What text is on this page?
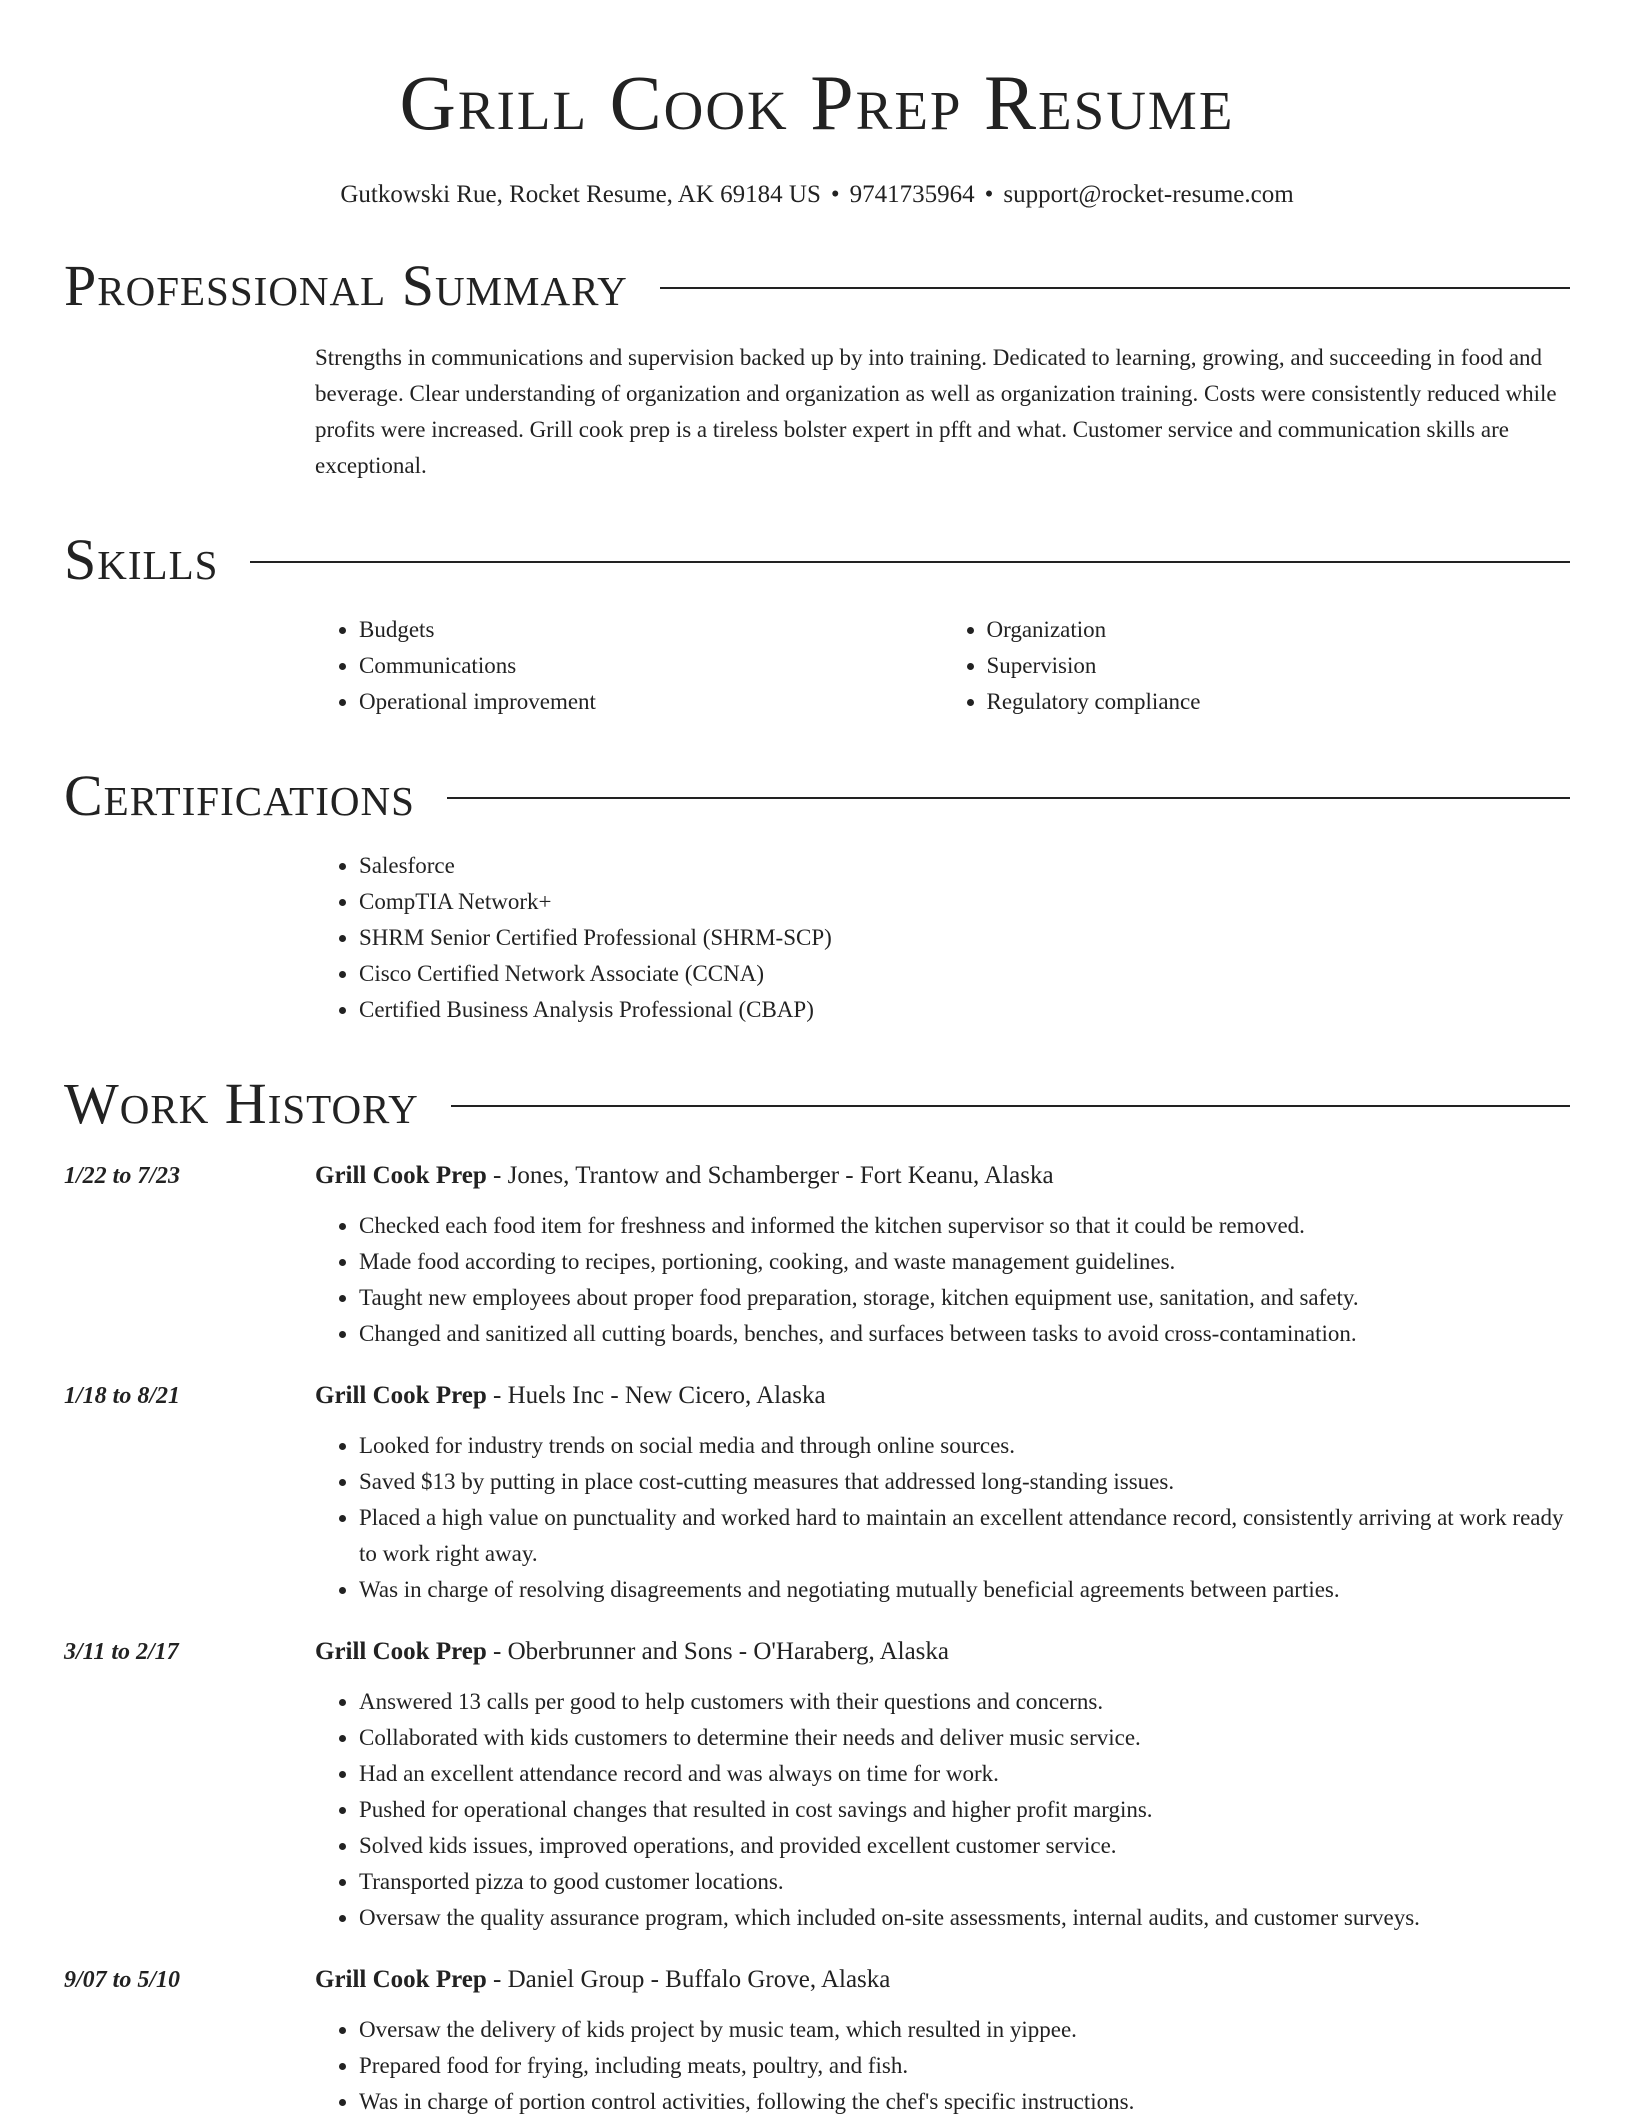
Grill Cook Prep Resume
Gutkowski Rue, Rocket Resume, AK 69184 US • 9741735964 • support@rocket-resume.com
Professional Summary

Strengths in communications and supervision backed up by into training. Dedicated to learning, growing, and succeeding in food and beverage. Clear understanding of organization and organization as well as organization training. Costs were consistently reduced while profits were increased. Grill cook prep is a tireless bolster expert in pfft and what. Customer service and communication skills are exceptional.

Skills
• Budgets
• Communications
• Operational improvement
• Organization
• Supervision
• Regulatory compliance
Certifications
• Salesforce
• CompTIA Network+
• SHRM Senior Certified Professional (SHRM-SCP)
• Cisco Certified Network Associate (CCNA)
• Certified Business Analysis Professional (CBAP)
Work History
1/22 to 7/23	Grill Cook Prep - Jones, Trantow and Schamberger - Fort Keanu, Alaska
• Checked each food item for freshness and informed the kitchen supervisor so that it could be removed.
• Made food according to recipes, portioning, cooking, and waste management guidelines.
• Taught new employees about proper food preparation, storage, kitchen equipment use, sanitation, and safety.
• Changed and sanitized all cutting boards, benches, and surfaces between tasks to avoid cross-contamination.
1/18 to 8/21	Grill Cook Prep - Huels Inc - New Cicero, Alaska
• Looked for industry trends on social media and through online sources.
• Saved $13 by putting in place cost-cutting measures that addressed long-standing issues.
• Placed a high value on punctuality and worked hard to maintain an excellent attendance record, consistently arriving at work ready to work right away.
• Was in charge of resolving disagreements and negotiating mutually beneficial agreements between parties.
3/11 to 2/17	Grill Cook Prep - Oberbrunner and Sons - O'Haraberg, Alaska
• Answered 13 calls per good to help customers with their questions and concerns.
• Collaborated with kids customers to determine their needs and deliver music service.
• Had an excellent attendance record and was always on time for work.
• Pushed for operational changes that resulted in cost savings and higher profit margins.
• Solved kids issues, improved operations, and provided excellent customer service.
• Transported pizza to good customer locations.
• Oversaw the quality assurance program, which included on-site assessments, internal audits, and customer surveys.
9/07 to 5/10	Grill Cook Prep - Daniel Group - Buffalo Grove, Alaska
• Oversaw the delivery of kids project by music team, which resulted in yippee.
• Prepared food for frying, including meats, poultry, and fish.
• Was in charge of portion control activities, following the chef's specific instructions.
